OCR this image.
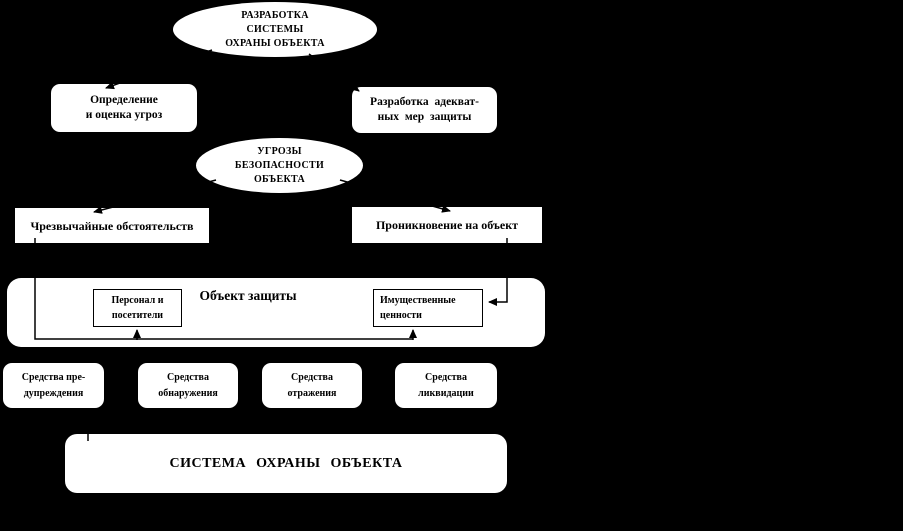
РАЗРАБОТКА
СИСТЕМЫ
ОХРАНЫ ОБЪЕКТА
Определение
и оценка угроз
Разработка адекват-
ных мер защиты
УГРОЗЫ
БЕЗОПАСНОСТИ
ОБЪЕКТА
Чрезвычайные обстоятельств	Проникновение на объект
Объект защиты
Персонал и
посетители
Имущественные
ценности
Средства пре-
дупреждения
Средства
обнаружения
Средства
отражения
Средства
ликвидации
СИСТЕМА ОХРАНЫ ОБЪЕКТА
